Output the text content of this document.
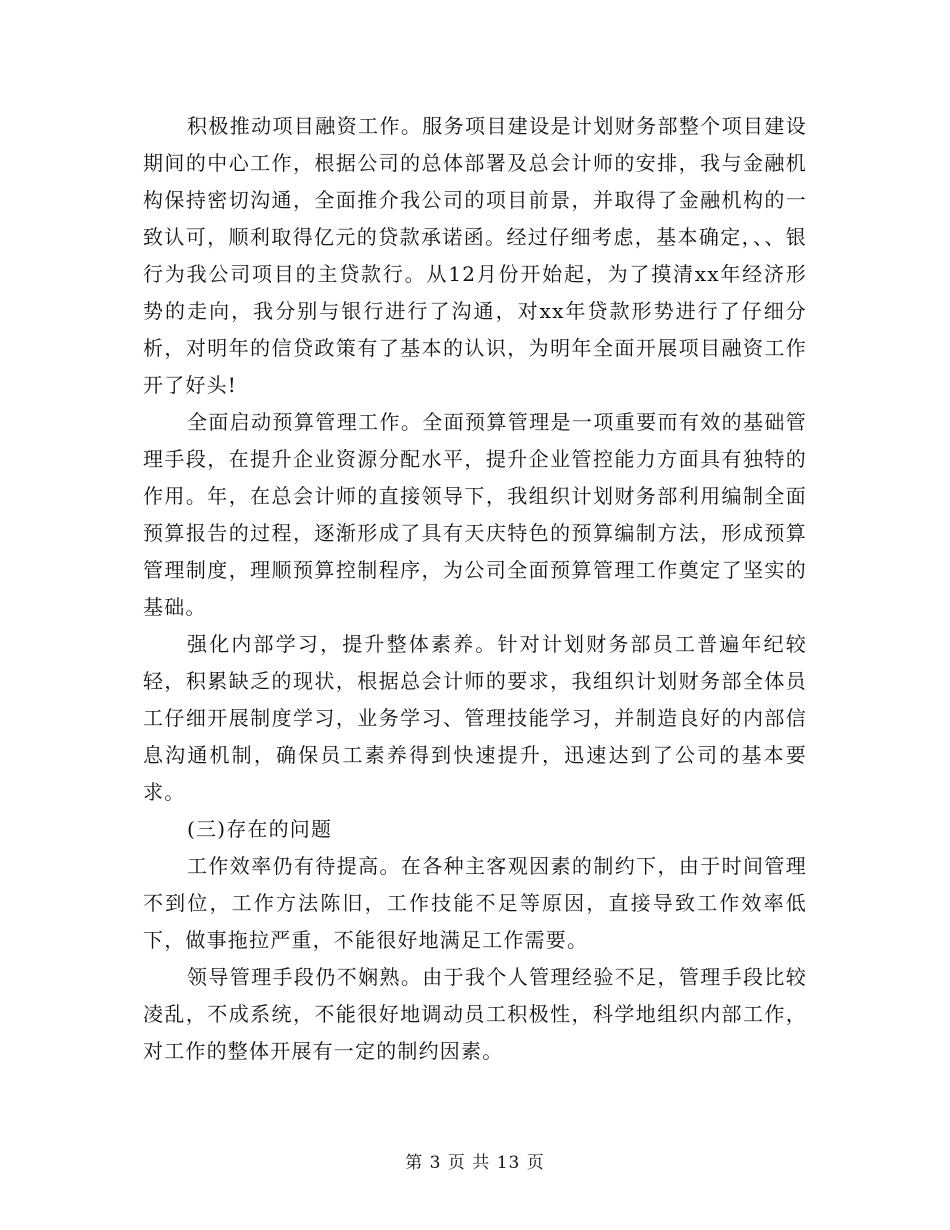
积极推动项目融资工作。服务项目建设是计划财务部整个项目建设期间的中心工作，根据公司的总体部署及总会计师的安排，我与金融机构保持密切沟通，全面推介我公司的项目前景，并取得了金融机构的一致认可，顺利取得亿元的贷款承诺函。经过仔细考虑，基本确定，、、银行为我公司项目的主贷款行。从12月份开始起，为了摸清xx年经济形势的走向，我分别与银行进行了沟通，对xx年贷款形势进行了仔细分析，对明年的信贷政策有了基本的认识，为明年全面开展项目融资工作开了好头!

全面启动预算管理工作。全面预算管理是一项重要而有效的基础管理手段，在提升企业资源分配水平，提升企业管控能力方面具有独特的作用。年，在总会计师的直接领导下，我组织计划财务部利用编制全面预算报告的过程，逐渐形成了具有天庆特色的预算编制方法，形成预算管理制度，理顺预算控制程序，为公司全面预算管理工作奠定了坚实的基础。

强化内部学习，提升整体素养。针对计划财务部员工普遍年纪较轻，积累缺乏的现状，根据总会计师的要求，我组织计划财务部全体员工仔细开展制度学习，业务学习、管理技能学习，并制造良好的内部信息沟通机制，确保员工素养得到快速提升，迅速达到了公司的基本要求。

(三)存在的问题

工作效率仍有待提高。在各种主客观因素的制约下，由于时间管理不到位，工作方法陈旧，工作技能不足等原因，直接导致工作效率低下，做事拖拉严重，不能很好地满足工作需要。

领导管理手段仍不娴熟。由于我个人管理经验不足，管理手段比较凌乱，不成系统，不能很好地调动员工积极性，科学地组织内部工作，对工作的整体开展有一定的制约因素。

第 3 页 共 13 页
